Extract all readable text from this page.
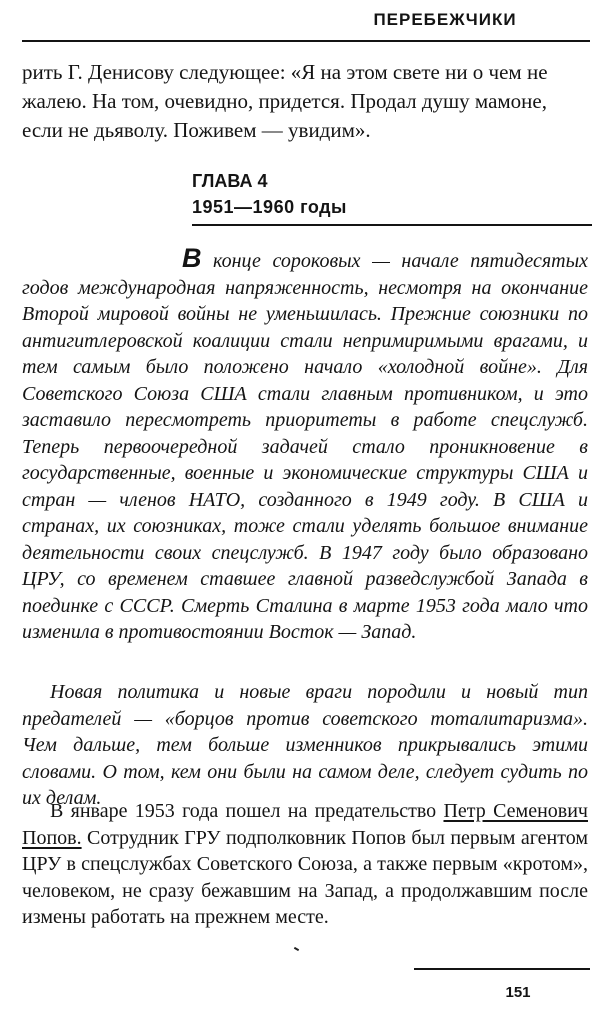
ПЕРЕБЕЖЧИКИ

рить Г. Денисову следующее: «Я на этом свете ни о чем не жалею. На том, очевидно, придется. Продал душу мамоне, если не дьяволу. Поживем — увидим».

ГЛАВА 4
1951—1960 годы

В конце сороковых — начале пятидесятых годов международная напряженность, несмотря на окончание Второй мировой войны не уменьшилась. Прежние союзники по антигитлеровской коалиции стали непримиримыми врагами, и тем самым было положено начало «холодной войне». Для Советского Союза США стали главным противником, и это заставило пересмотреть приоритеты в работе спецслужб. Теперь первоочередной задачей стало проникновение в государственные, военные и экономические структуры США и стран — членов НАТО, созданного в 1949 году. В США и странах, их союзниках, тоже стали уделять большое внимание деятельности своих спецслужб. В 1947 году было образовано ЦРУ, со временем ставшее главной разведслужбой Запада в поединке с СССР. Смерть Сталина в марте 1953 года мало что изменила в противостоянии Восток — Запад.

Новая политика и новые враги породили и новый тип предателей — «борцов против советского тоталитаризма». Чем дальше, тем больше изменников прикрывались этими словами. О том, кем они были на самом деле, следует судить по их делам.

В январе 1953 года пошел на предательство Петр Семенович Попов. Сотрудник ГРУ подполковник Попов был первым агентом ЦРУ в спецслужбах Советского Союза, а также первым «кротом», человеком, не сразу бежавшим на Запад, а продолжавшим после измены работать на прежнем месте.

151
